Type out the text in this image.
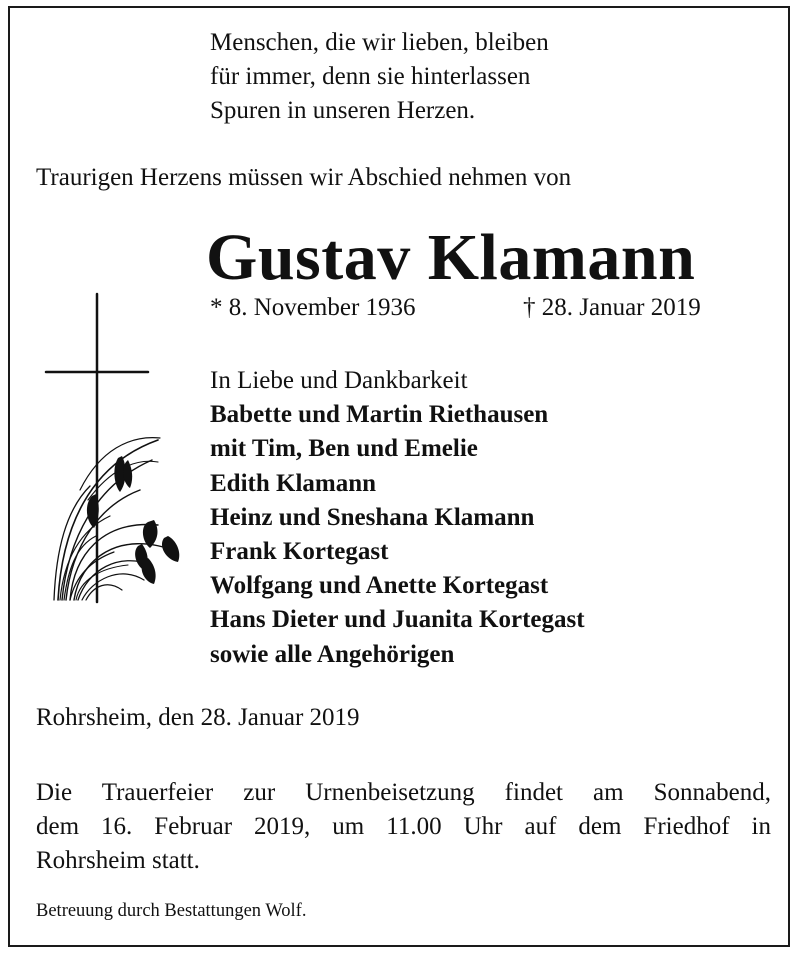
Menschen, die wir lieben, bleiben
für immer, denn sie hinterlassen
Spuren in unseren Herzen.
Traurigen Herzens müssen wir Abschied nehmen von
Gustav Klamann
* 8. November 1936	† 28. Januar 2019
In Liebe und Dankbarkeit
Babette und Martin Riethausen
mit Tim, Ben und Emelie
Edith Klamann
Heinz und Sneshana Klamann
Frank Kortegast
Wolfgang und Anette Kortegast
Hans Dieter und Juanita Kortegast
sowie alle Angehörigen
Rohrsheim, den 28. Januar 2019
Die Trauerfeier zur Urnenbeisetzung findet am Sonnabend,
dem 16. Februar 2019, um 11.00 Uhr auf dem Friedhof in
Rohrsheim statt.
Betreuung durch Bestattungen Wolf.
